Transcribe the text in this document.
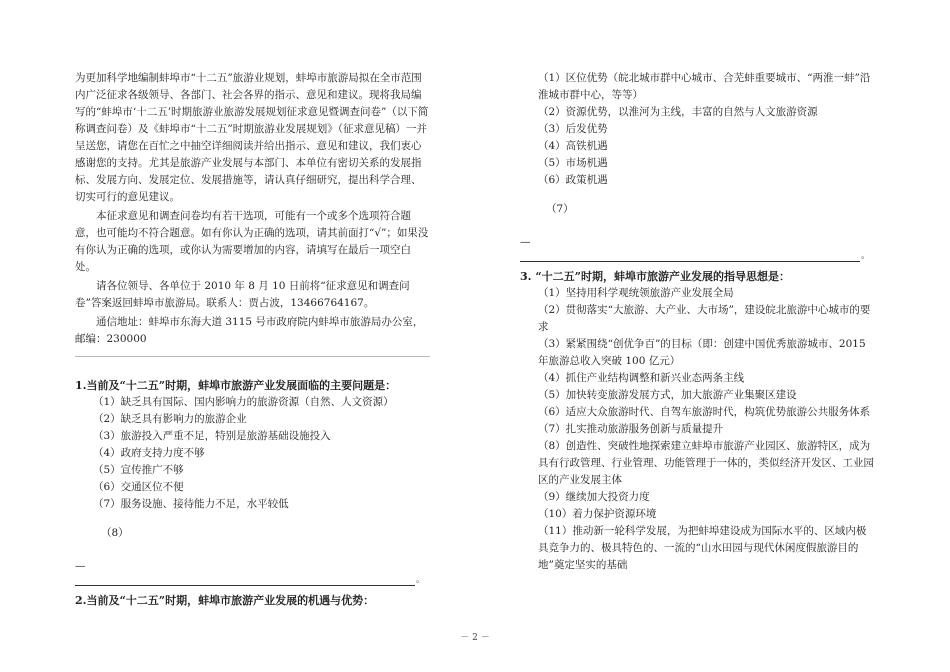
为更加科学地编制蚌埠市“十二五”旅游业规划，蚌埠市旅游局拟在全市范围内广泛征求各级领导、各部门、社会各界的指示、意见和建议。现将我局编写的“蚌埠市‘十二五’时期旅游业旅游发展规划征求意见暨调查问卷”（以下简称调查问卷）及《蚌埠市“十二五”时期旅游业发展规划》（征求意见稿）一并呈送您，请您在百忙之中抽空详细阅读并给出指示、意见和建议，我们衷心感谢您的支持。尤其是旅游产业发展与本部门、本单位有密切关系的发展指标、发展方向、发展定位、发展措施等，请认真仔细研究，提出科学合理、切实可行的意见建议。

本征求意见和调查问卷均有若干选项，可能有一个或多个选项符合题意，也可能均不符合题意。如有你认为正确的选项，请其前面打“√”；如果没有你认为正确的选项，或你认为需要增加的内容，请填写在最后一项空白处。

请各位领导、各单位于 2010 年 8 月 10 日前将“征求意见和调查问卷”答案返回蚌埠市旅游局。联系人：贾占波，13466764167。

通信地址：蚌埠市东海大道 3115 号市政府院内蚌埠市旅游局办公室，邮编：230000

1.当前及“十二五”时期，蚌埠市旅游产业发展面临的主要问题是：

（1）缺乏具有国际、国内影响力的旅游资源（自然、人文资源）

（2）缺乏具有影响力的旅游企业

（3）旅游投入严重不足，特别是旅游基础设施投入

（4）政府支持力度不够

（5）宣传推广不够

（6）交通区位不便

（7）服务设施、接待能力不足，水平较低

（8）

—

。

2.当前及“十二五”时期，蚌埠市旅游产业发展的机遇与优势：

（1）区位优势（皖北城市群中心城市、合芜蚌重要城市、“两淮一蚌”沿淮城市群中心，等等）

（2）资源优势，以淮河为主线，丰富的自然与人文旅游资源

（3）后发优势

（4）高铁机遇

（5）市场机遇

（6）政策机遇

（7）

—

。

3. “十二五”时期，蚌埠市旅游产业发展的指导思想是：

（1）坚持用科学观统领旅游产业发展全局

（2）贯彻落实“大旅游、大产业、大市场”，建设皖北旅游中心城市的要求

（3）紧紧围绕“创优争百”的目标（即：创建中国优秀旅游城市、2015 年旅游总收入突破 100 亿元）

（4）抓住产业结构调整和新兴业态两条主线

（5）加快转变旅游发展方式，加大旅游产业集聚区建设

（6）适应大众旅游时代、自驾车旅游时代，构筑优势旅游公共服务体系

（7）扎实推动旅游服务创新与质量提升

（8）创造性、突破性地探索建立蚌埠市旅游产业园区、旅游特区，成为具有行政管理、行业管理、功能管理于一体的，类似经济开发区、工业园区的产业发展主体

（9）继续加大投资力度

（10）着力保护资源环境

（11）推动新一轮科学发展，为把蚌埠建设成为国际水平的、区域内极具竞争力的、极具特色的、一流的“山水田园与现代休闲度假旅游目的地”奠定坚实的基础

－ 2 －
